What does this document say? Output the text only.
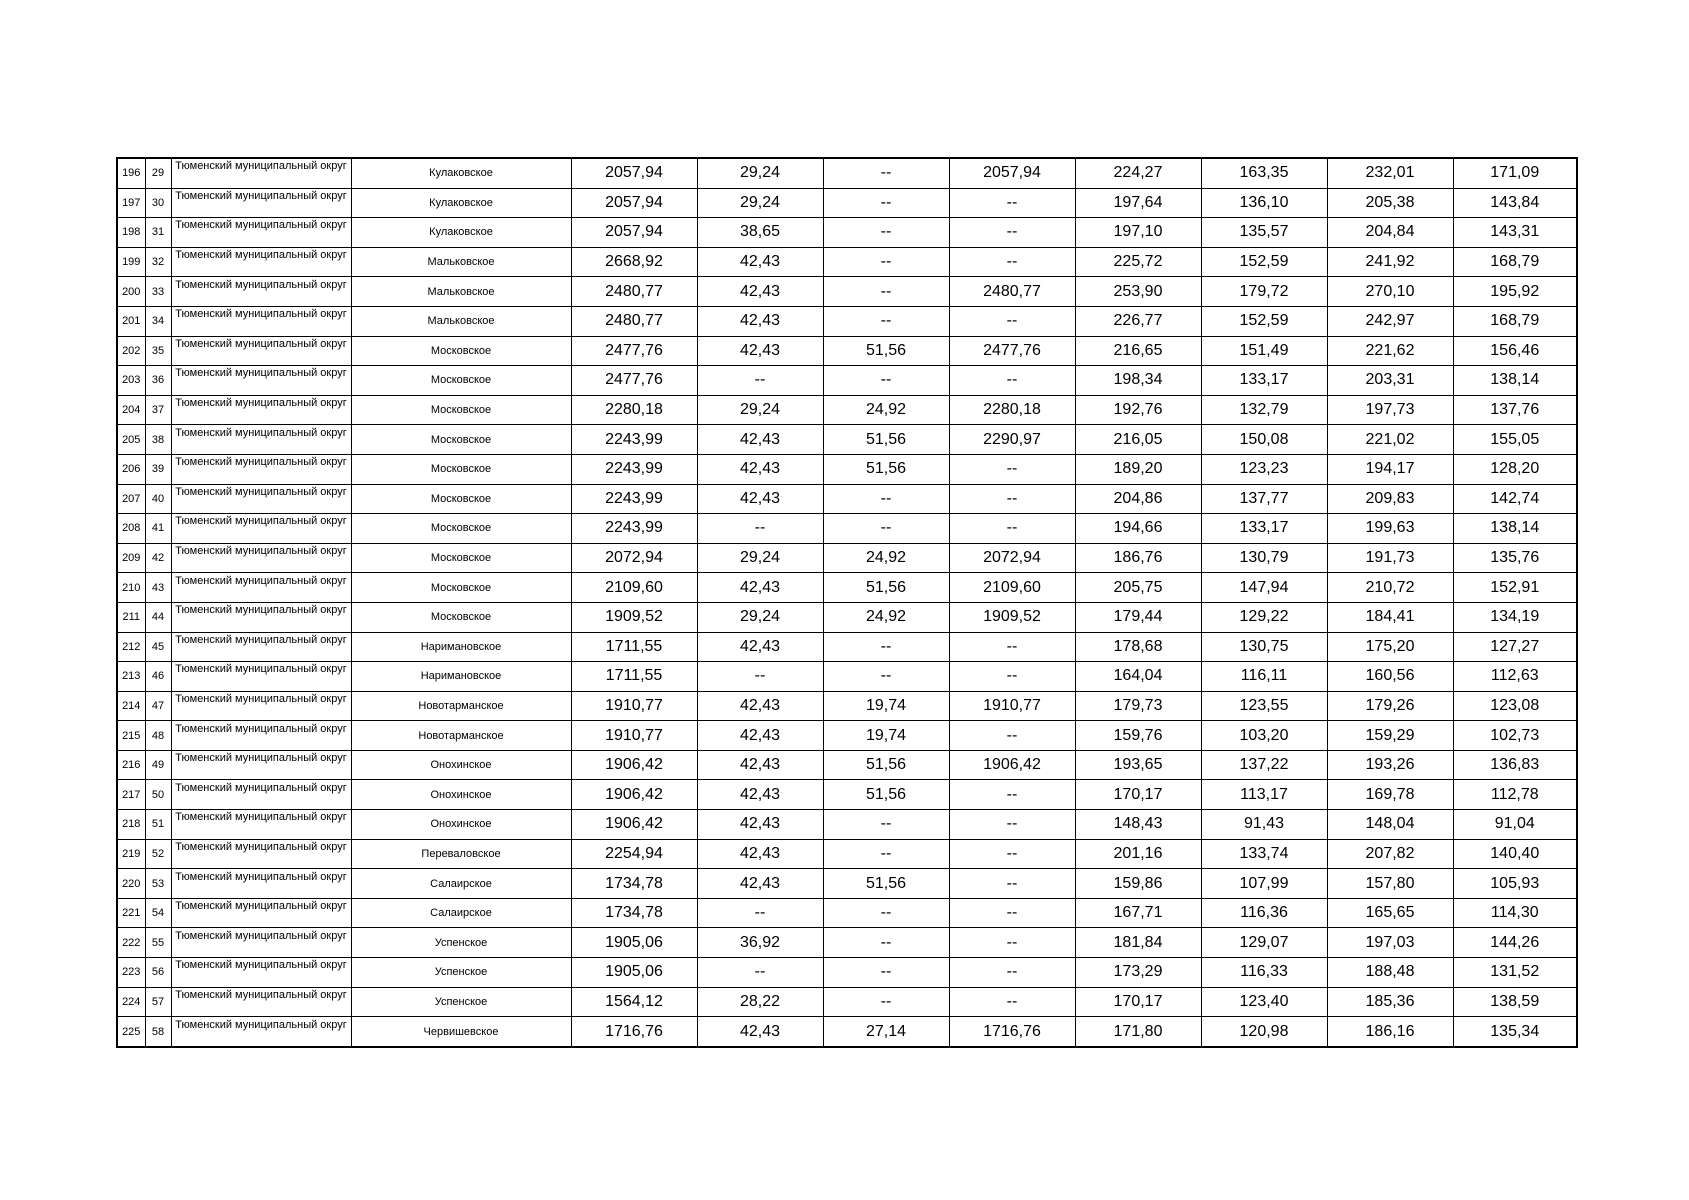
196	29	Тюменский муниципальный округ	Кулаковское	2057,94	29,24	--	2057,94	224,27	163,35	232,01	171,09
197	30	Тюменский муниципальный округ	Кулаковское	2057,94	29,24	--	--	197,64	136,10	205,38	143,84
198	31	Тюменский муниципальный округ	Кулаковское	2057,94	38,65	--	--	197,10	135,57	204,84	143,31
199	32	Тюменский муниципальный округ	Мальковское	2668,92	42,43	--	--	225,72	152,59	241,92	168,79
200	33	Тюменский муниципальный округ	Мальковское	2480,77	42,43	--	2480,77	253,90	179,72	270,10	195,92
201	34	Тюменский муниципальный округ	Мальковское	2480,77	42,43	--	--	226,77	152,59	242,97	168,79
202	35	Тюменский муниципальный округ	Московское	2477,76	42,43	51,56	2477,76	216,65	151,49	221,62	156,46
203	36	Тюменский муниципальный округ	Московское	2477,76	--	--	--	198,34	133,17	203,31	138,14
204	37	Тюменский муниципальный округ	Московское	2280,18	29,24	24,92	2280,18	192,76	132,79	197,73	137,76
205	38	Тюменский муниципальный округ	Московское	2243,99	42,43	51,56	2290,97	216,05	150,08	221,02	155,05
206	39	Тюменский муниципальный округ	Московское	2243,99	42,43	51,56	--	189,20	123,23	194,17	128,20
207	40	Тюменский муниципальный округ	Московское	2243,99	42,43	--	--	204,86	137,77	209,83	142,74
208	41	Тюменский муниципальный округ	Московское	2243,99	--	--	--	194,66	133,17	199,63	138,14
209	42	Тюменский муниципальный округ	Московское	2072,94	29,24	24,92	2072,94	186,76	130,79	191,73	135,76
210	43	Тюменский муниципальный округ	Московское	2109,60	42,43	51,56	2109,60	205,75	147,94	210,72	152,91
211	44	Тюменский муниципальный округ	Московское	1909,52	29,24	24,92	1909,52	179,44	129,22	184,41	134,19
212	45	Тюменский муниципальный округ	Наримановское	1711,55	42,43	--	--	178,68	130,75	175,20	127,27
213	46	Тюменский муниципальный округ	Наримановское	1711,55	--	--	--	164,04	116,11	160,56	112,63
214	47	Тюменский муниципальный округ	Новотарманское	1910,77	42,43	19,74	1910,77	179,73	123,55	179,26	123,08
215	48	Тюменский муниципальный округ	Новотарманское	1910,77	42,43	19,74	--	159,76	103,20	159,29	102,73
216	49	Тюменский муниципальный округ	Онохинское	1906,42	42,43	51,56	1906,42	193,65	137,22	193,26	136,83
217	50	Тюменский муниципальный округ	Онохинское	1906,42	42,43	51,56	--	170,17	113,17	169,78	112,78
218	51	Тюменский муниципальный округ	Онохинское	1906,42	42,43	--	--	148,43	91,43	148,04	91,04
219	52	Тюменский муниципальный округ	Переваловское	2254,94	42,43	--	--	201,16	133,74	207,82	140,40
220	53	Тюменский муниципальный округ	Салаирское	1734,78	42,43	51,56	--	159,86	107,99	157,80	105,93
221	54	Тюменский муниципальный округ	Салаирское	1734,78	--	--	--	167,71	116,36	165,65	114,30
222	55	Тюменский муниципальный округ	Успенское	1905,06	36,92	--	--	181,84	129,07	197,03	144,26
223	56	Тюменский муниципальный округ	Успенское	1905,06	--	--	--	173,29	116,33	188,48	131,52
224	57	Тюменский муниципальный округ	Успенское	1564,12	28,22	--	--	170,17	123,40	185,36	138,59
225	58	Тюменский муниципальный округ	Червишевское	1716,76	42,43	27,14	1716,76	171,80	120,98	186,16	135,34
